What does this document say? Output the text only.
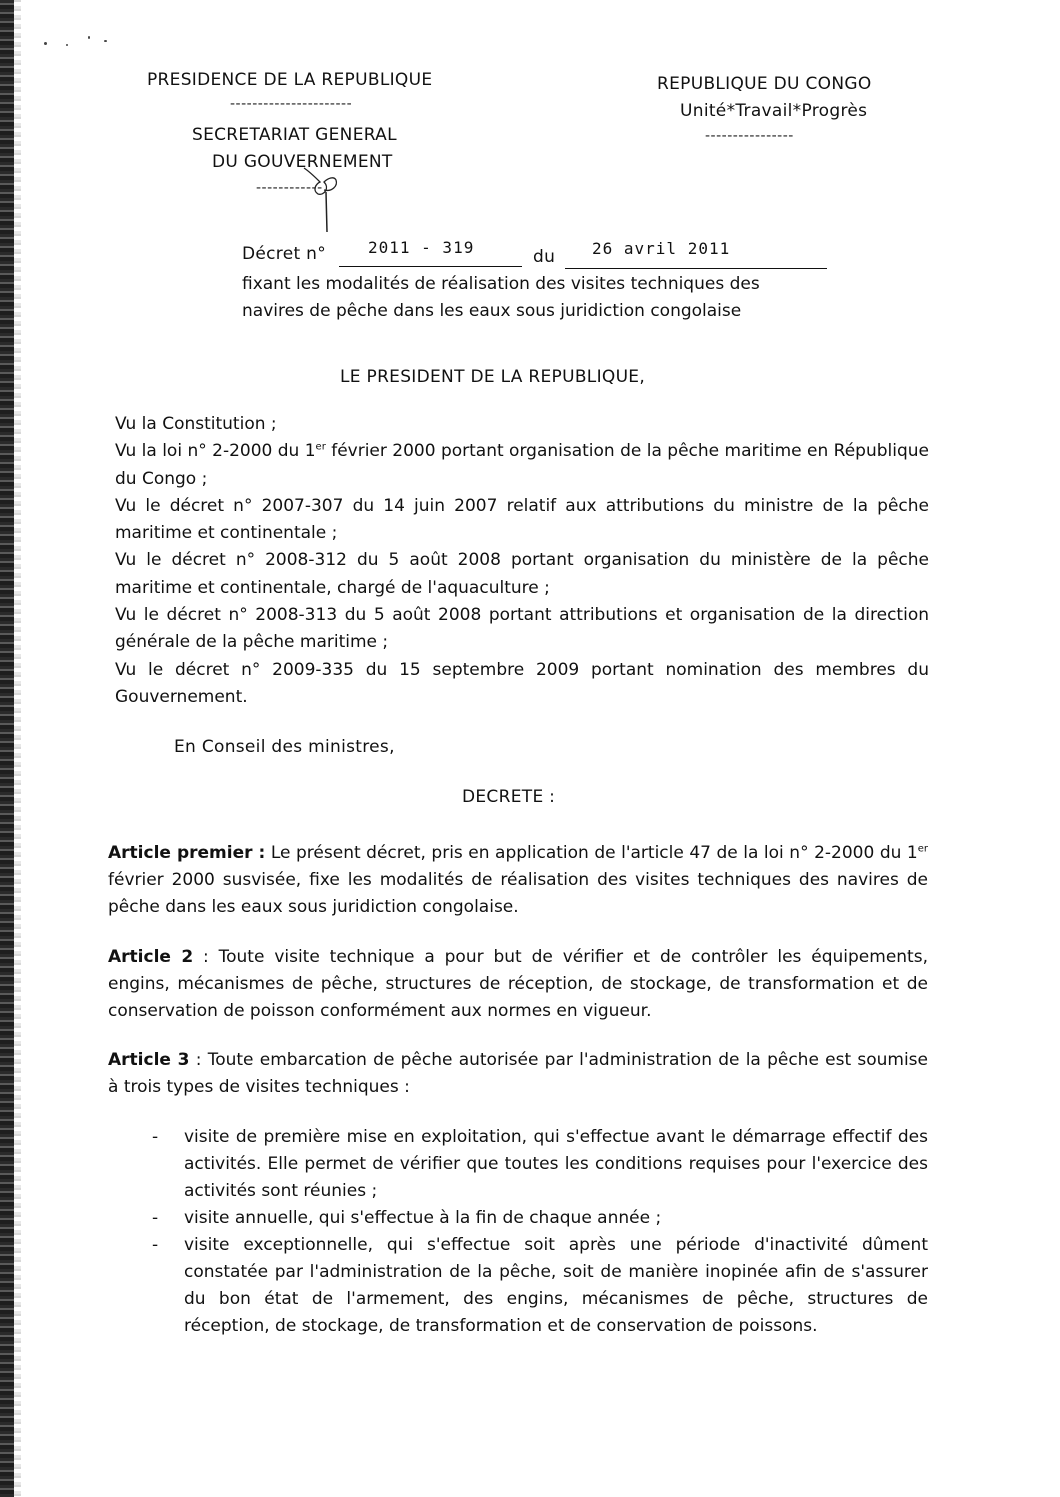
PRESIDENCE DE LA REPUBLIQUE
----------------------
SECRETARIAT GENERAL
DU GOUVERNEMENT
------------
REPUBLIQUE DU CONGO
Unité*Travail*Progrès
----------------
Décret n°	2011 - 319	du 26 avril 2011
fixant les modalités de réalisation des visites techniques des
navires de pêche dans les eaux sous juridiction congolaise
LE PRESIDENT DE LA REPUBLIQUE,

Vu la Constitution ;

Vu la loi n° 2-2000 du 1er février 2000 portant organisation de la pêche maritime en République du Congo ;

Vu le décret n° 2007-307 du 14 juin 2007 relatif aux attributions du ministre de la pêche maritime et continentale ;

Vu le décret n° 2008-312 du 5 août 2008 portant organisation du ministère de la pêche maritime et continentale, chargé de l'aquaculture ;

Vu le décret n° 2008-313 du 5 août 2008 portant attributions et organisation de la direction générale de la pêche maritime ;

Vu le décret n° 2009-335 du 15 septembre 2009 portant nomination des membres du Gouvernement.

En Conseil des ministres,
DECRETE :
Article premier : Le présent décret, pris en application de l'article 47 de la loi n° 2-2000 du 1er février 2000 susvisée, fixe les modalités de réalisation des visites techniques des navires de pêche dans les eaux sous juridiction congolaise.
Article 2 : Toute visite technique a pour but de vérifier et de contrôler les équipements, engins, mécanismes de pêche, structures de réception, de stockage, de transformation et de conservation de poisson conformément aux normes en vigueur.
Article 3 : Toute embarcation de pêche autorisée par l'administration de la pêche est soumise à trois types de visites techniques :
-	visite de première mise en exploitation, qui s'effectue avant le démarrage effectif des activités. Elle permet de vérifier que toutes les conditions requises pour l'exercice des activités sont réunies ;
-	visite annuelle, qui s'effectue à la fin de chaque année ;
-	visite exceptionnelle, qui s'effectue soit après une période d'inactivité dûment constatée par l'administration de la pêche, soit de manière inopinée afin de s'assurer du bon état de l'armement, des engins, mécanismes de pêche, structures de réception, de stockage, de transformation et de conservation de poissons.
